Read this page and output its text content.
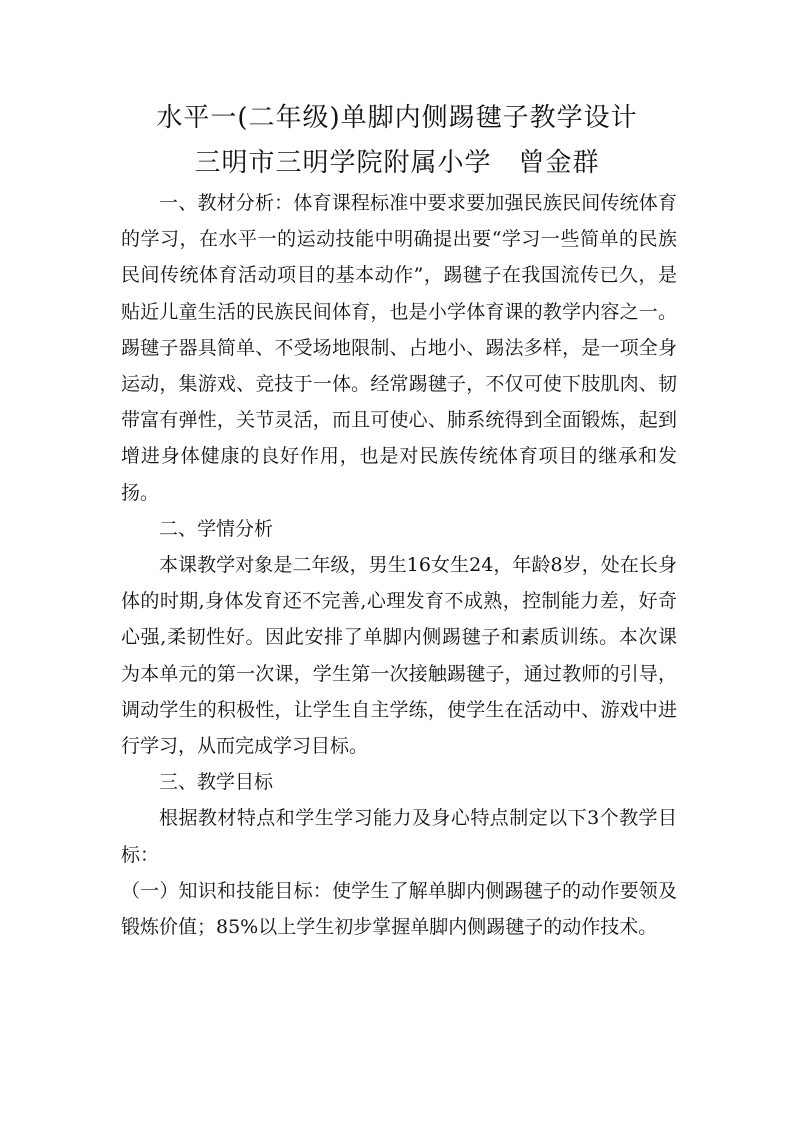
水平一(二年级)单脚内侧踢毽子教学设计
三明市三明学院附属小学　曾金群

一、教材分析：体育课程标准中要求要加强民族民间传统体育的学习，在水平一的运动技能中明确提出要“学习一些简单的民族民间传统体育活动项目的基本动作”，踢毽子在我国流传已久，是贴近儿童生活的民族民间体育，也是小学体育课的教学内容之一。踢毽子器具简单、不受场地限制、占地小、踢法多样，是一项全身运动，集游戏、竞技于一体。经常踢毽子，不仅可使下肢肌肉、韧带富有弹性，关节灵活，而且可使心、肺系统得到全面锻炼，起到增进身体健康的良好作用，也是对民族传统体育项目的继承和发扬。

二、学情分析

本课教学对象是二年级，男生16女生24，年龄8岁，处在长身体的时期,身体发育还不完善,心理发育不成熟，控制能力差，好奇心强,柔韧性好。因此安排了单脚内侧踢毽子和素质训练。本次课为本单元的第一次课，学生第一次接触踢毽子，通过教师的引导，调动学生的积极性，让学生自主学练，使学生在活动中、游戏中进行学习，从而完成学习目标。

三、教学目标

根据教材特点和学生学习能力及身心特点制定以下3个教学目标：

（一）知识和技能目标：使学生了解单脚内侧踢毽子的动作要领及锻炼价值；85%以上学生初步掌握单脚内侧踢毽子的动作技术。
